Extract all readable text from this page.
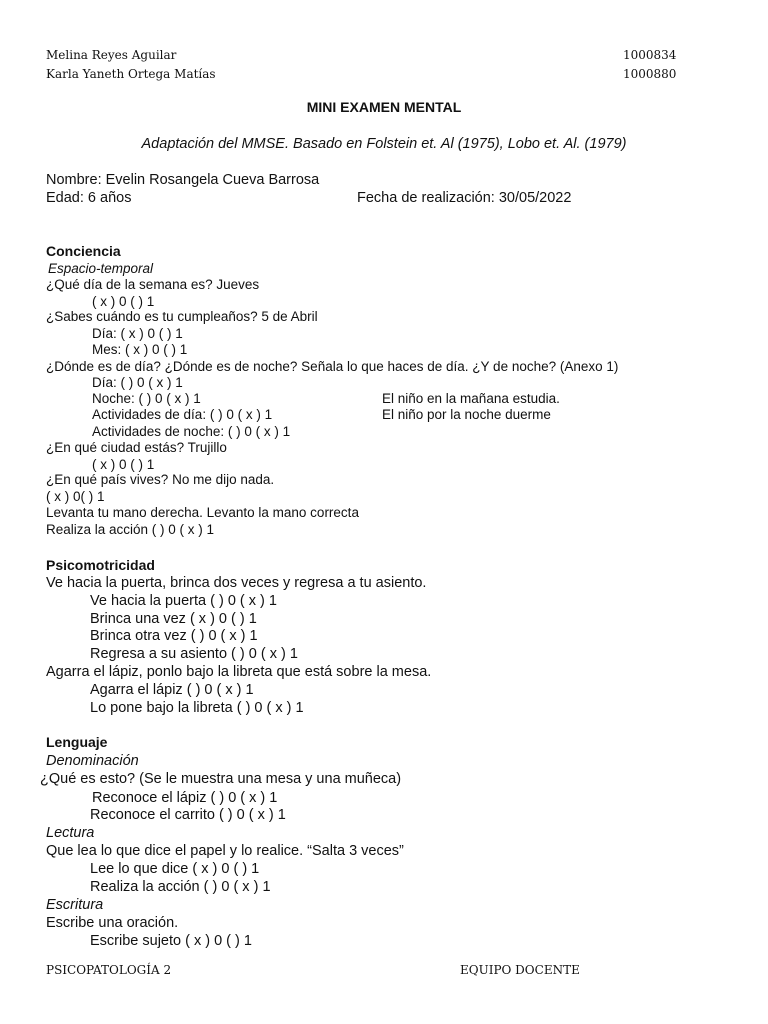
Melina Reyes Aguilar	1000834
Karla Yaneth Ortega Matías	1000880
MINI EXAMEN MENTAL
Adaptación del MMSE. Basado en Folstein et. Al (1975), Lobo et. Al. (1979)
Nombre: Evelin Rosangela Cueva Barrosa
Edad: 6 años	Fecha de realización: 30/05/2022
Conciencia
Espacio-temporal
¿Qué día de la semana es? Jueves
( x ) 0 ( ) 1
¿Sabes cuándo es tu cumpleaños? 5 de Abril
Día: ( x ) 0 ( ) 1
Mes: ( x ) 0 ( ) 1
¿Dónde es de día? ¿Dónde es de noche? Señala lo que haces de día. ¿Y de noche? (Anexo 1)
Día: ( ) 0 ( x ) 1
Noche: ( ) 0 ( x ) 1	El niño en la mañana estudia.
Actividades de día: ( ) 0 ( x ) 1	El niño por la noche duerme
Actividades de noche: ( ) 0 ( x ) 1
¿En qué ciudad estás? Trujillo
( x ) 0 ( ) 1
¿En qué país vives? No me dijo nada.
( x ) 0( ) 1
Levanta tu mano derecha. Levanto la mano correcta
Realiza la acción ( ) 0 ( x ) 1
Psicomotricidad
Ve hacia la puerta, brinca dos veces y regresa a tu asiento.
Ve hacia la puerta ( ) 0 ( x ) 1
Brinca una vez ( x ) 0 ( ) 1
Brinca otra vez ( ) 0 ( x ) 1
Regresa a su asiento ( ) 0 ( x ) 1
Agarra el lápiz, ponlo bajo la libreta que está sobre la mesa.
Agarra el lápiz ( ) 0 ( x ) 1
Lo pone bajo la libreta ( ) 0 ( x ) 1
Lenguaje
Denominación
¿Qué es esto? (Se le muestra una mesa y una muñeca)
Reconoce el lápiz ( ) 0 ( x ) 1
Reconoce el carrito ( ) 0 ( x ) 1
Lectura
Que lea lo que dice el papel y lo realice. “Salta 3 veces”
Lee lo que dice ( x ) 0 ( ) 1
Realiza la acción ( ) 0 ( x ) 1
Escritura
Escribe una oración.
Escribe sujeto ( x ) 0 ( ) 1
PSICOPATOLOGÍA 2	EQUIPO DOCENTE
